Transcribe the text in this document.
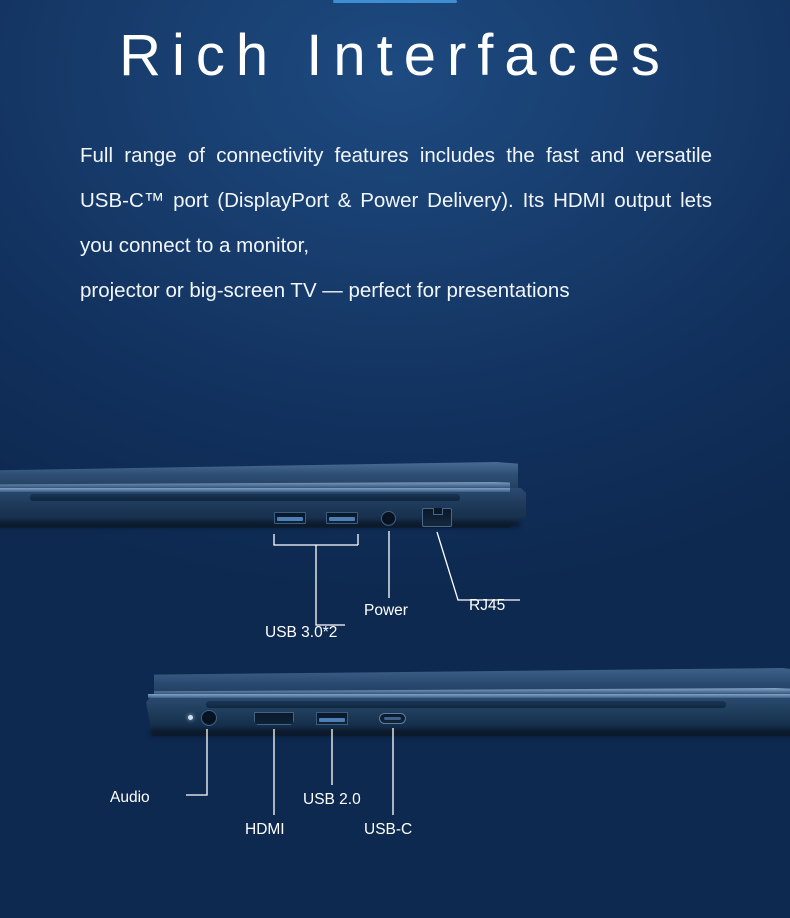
Rich Interfaces
Full range of connectivity features includes the fast and versatile USB-C™ port (DisplayPort & Power Delivery). Its HDMI output lets you connect to a monitor,
projector or big-screen TV — perfect for presentations
USB 3.0*2
Power	RJ45
Audio
HDMI
USB 2.0
USB-C
